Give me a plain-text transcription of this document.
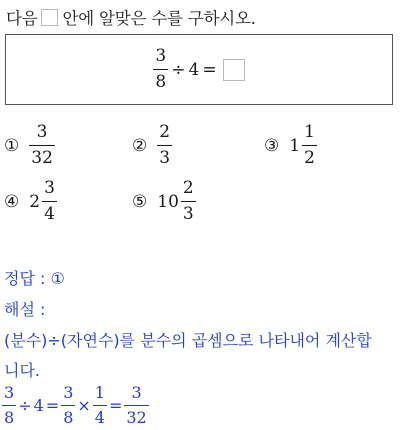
다음 안에 알맞은 수를 구하시오.
$\frac{3}{8} \div 4$ =
① $\frac{3}{32}$	② $\frac{2}{3}$	③ $1 \frac{1}{2}$
④ $2 \frac{3}{4}$	⑤ $10 \frac{2}{3}$
정답 : ①
해설 :
(분수)÷(자연수)를 분수의 곱셈으로 나타내어 계산합
니다.
$\frac{3}{8} \div 4 = \frac{3}{8} \times \frac{1}{4} = \frac{3}{32}$
